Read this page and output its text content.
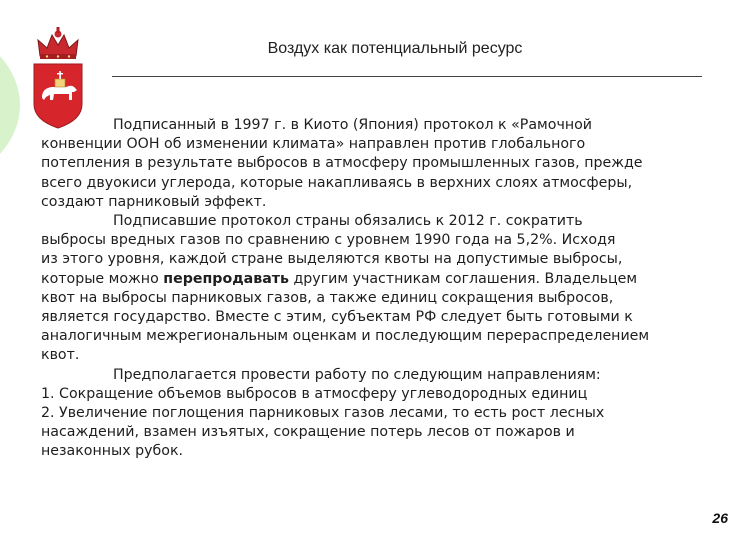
Воздух как потенциальный ресурс
Подписанный в 1997 г. в Киото (Япония) протокол к «Рамочной
конвенции ООН об изменении климата» направлен против глобального
потепления в результате выбросов в атмосферу промышленных газов, прежде
всего двуокиси углерода, которые накапливаясь в верхних слоях атмосферы,
создают парниковый эффект.
Подписавшие протокол страны обязались к 2012 г. сократить
выбросы вредных газов по сравнению с уровнем 1990 года на 5,2%. Исходя
из этого уровня, каждой стране выделяются квоты на допустимые выбросы,
которые можно перепродавать другим участникам соглашения. Владельцем
квот на выбросы парниковых газов, а также единиц сокращения выбросов,
является государство. Вместе с этим, субъектам РФ следует быть готовыми к
аналогичным межрегиональным оценкам и последующим перераспределением
квот.
Предполагается провести работу по следующим направлениям:
1. Сокращение объемов выбросов в атмосферу углеводородных единиц
2. Увеличение поглощения парниковых газов лесами, то есть рост лесных
насаждений, взамен изъятых, сокращение потерь лесов от пожаров и
незаконных рубок.
26
